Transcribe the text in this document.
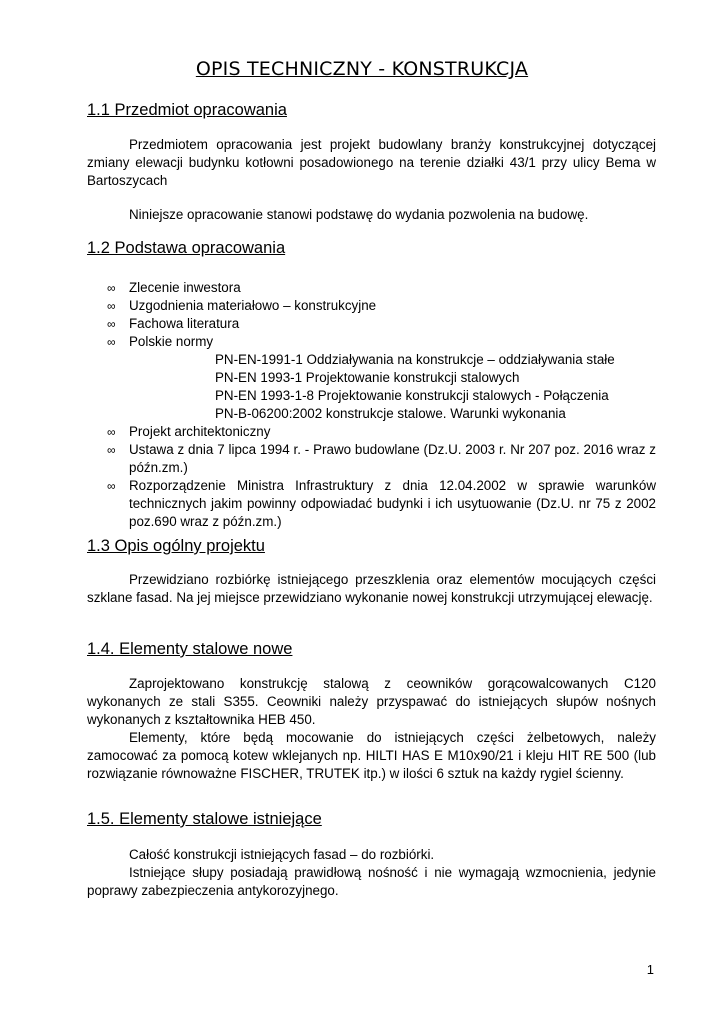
OPIS TECHNICZNY - KONSTRUKCJA
1.1 Przedmiot opracowania

Przedmiotem opracowania jest projekt budowlany branży konstrukcyjnej dotyczącej zmiany elewacji budynku kotłowni posadowionego na terenie działki 43/1 przy ulicy Bema w Bartoszycach

Niniejsze opracowanie stanowi podstawę do wydania pozwolenia na budowę.

1.2 Podstawa opracowania
∞ Zlecenie inwestora
∞ Uzgodnienia materiałowo – konstrukcyjne
∞ Fachowa literatura
∞ Polskie normy
PN-EN-1991-1 Oddziaływania na konstrukcje – oddziaływania stałe
PN-EN 1993-1 Projektowanie konstrukcji stalowych
PN-EN 1993-1-8 Projektowanie konstrukcji stalowych - Połączenia
PN-B-06200:2002 konstrukcje stalowe. Warunki wykonania
∞ Projekt architektoniczny
∞ Ustawa z dnia 7 lipca 1994 r. - Prawo budowlane (Dz.U. 2003 r. Nr 207 poz. 2016 wraz z późn.zm.)
∞ Rozporządzenie Ministra Infrastruktury z dnia 12.04.2002 w sprawie warunków technicznych jakim powinny odpowiadać budynki i ich usytuowanie (Dz.U. nr 75 z 2002 poz.690 wraz z późn.zm.)
1.3 Opis ogólny projektu

Przewidziano rozbiórkę istniejącego przeszklenia oraz elementów mocujących części szklane fasad. Na jej miejsce przewidziano wykonanie nowej konstrukcji utrzymującej elewację.

1.4. Elementy stalowe nowe

Zaprojektowano konstrukcję stalową z ceowników gorącowalcowanych C120 wykonanych ze stali S355. Ceowniki należy przyspawać do istniejących słupów nośnych wykonanych z kształtownika HEB 450.

Elementy, które będą mocowanie do istniejących części żelbetowych, należy zamocować za pomocą kotew wklejanych np. HILTI HAS E M10x90/21 i kleju HIT RE 500 (lub rozwiązanie równoważne FISCHER, TRUTEK itp.) w ilości 6 sztuk na każdy rygiel ścienny.

1.5. Elementy stalowe istniejące

Całość konstrukcji istniejących fasad – do rozbiórki.

Istniejące słupy posiadają prawidłową nośność i nie wymagają wzmocnienia, jedynie poprawy zabezpieczenia antykorozyjnego.

1
